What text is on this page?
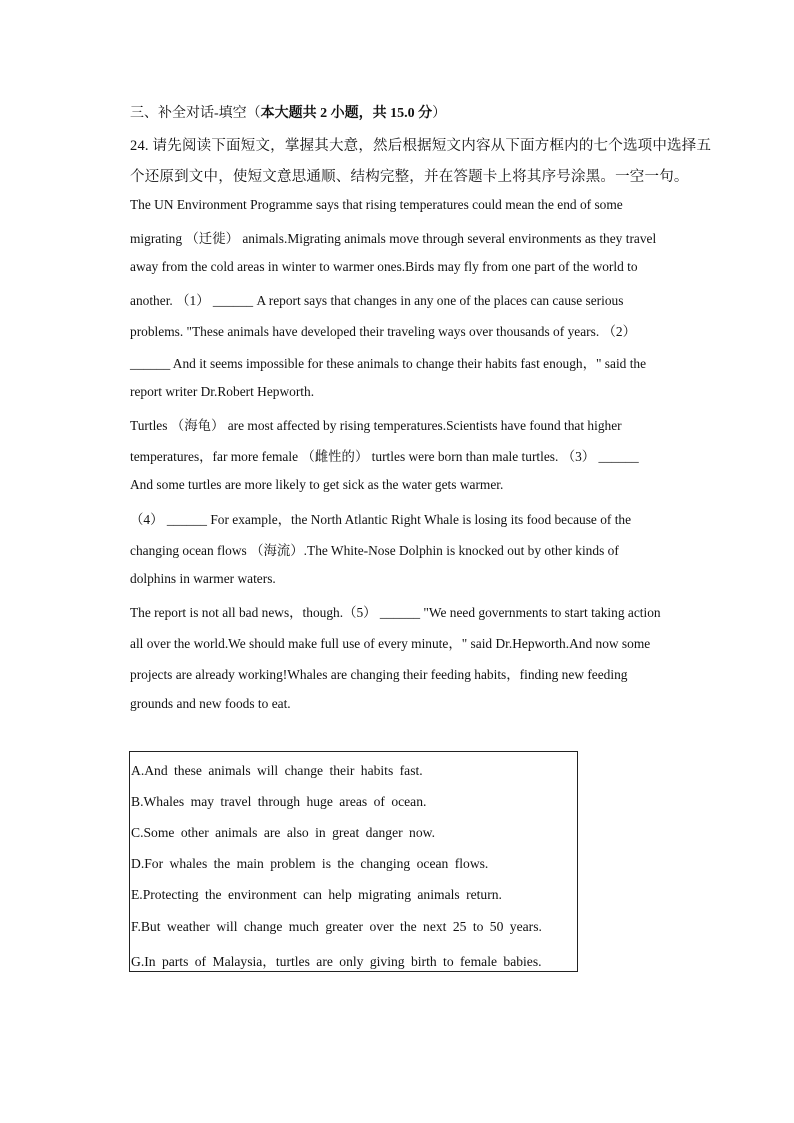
三、补全对话-填空（本大题共 2 小题，共 15.0 分）
24. 请先阅读下面短文，掌握其大意，然后根据短文内容从下面方框内的七个选项中选择五
个还原到文中，使短文意思通顺、结构完整，并在答题卡上将其序号涂黑。一空一句。
The UN Environment Programme says that rising temperatures could mean the end of some
migrating （迁徙） animals.Migrating animals move through several environments as they travel
away from the cold areas in winter to warmer ones.Birds may fly from one part of the world to
another. （1） ______ A report says that changes in any one of the places can cause serious
problems. "These animals have developed their traveling ways over thousands of years. （2）
______ And it seems impossible for these animals to change their habits fast enough，" said the
report writer Dr.Robert Hepworth.
Turtles （海龟） are most affected by rising temperatures.Scientists have found that higher
temperatures，far more female （雌性的） turtles were born than male turtles. （3） ______
And some turtles are more likely to get sick as the water gets warmer.
（4） ______ For example，the North Atlantic Right Whale is losing its food because of the
changing ocean flows （海流）.The White-Nose Dolphin is knocked out by other kinds of
dolphins in warmer waters.
The report is not all bad news，though.（5） ______ "We need governments to start taking action
all over the world.We should make full use of every minute，" said Dr.Hepworth.And now some
projects are already working!Whales are changing their feeding habits，finding new feeding
grounds and new foods to eat.
A.And these animals will change their habits fast.
B.Whales may travel through huge areas of ocean.
C.Some other animals are also in great danger now.
D.For whales the main problem is the changing ocean flows.
E.Protecting the environment can help migrating animals return.
F.But weather will change much greater over the next 25 to 50 years.
G.In parts of Malaysia，turtles are only giving birth to female babies.
